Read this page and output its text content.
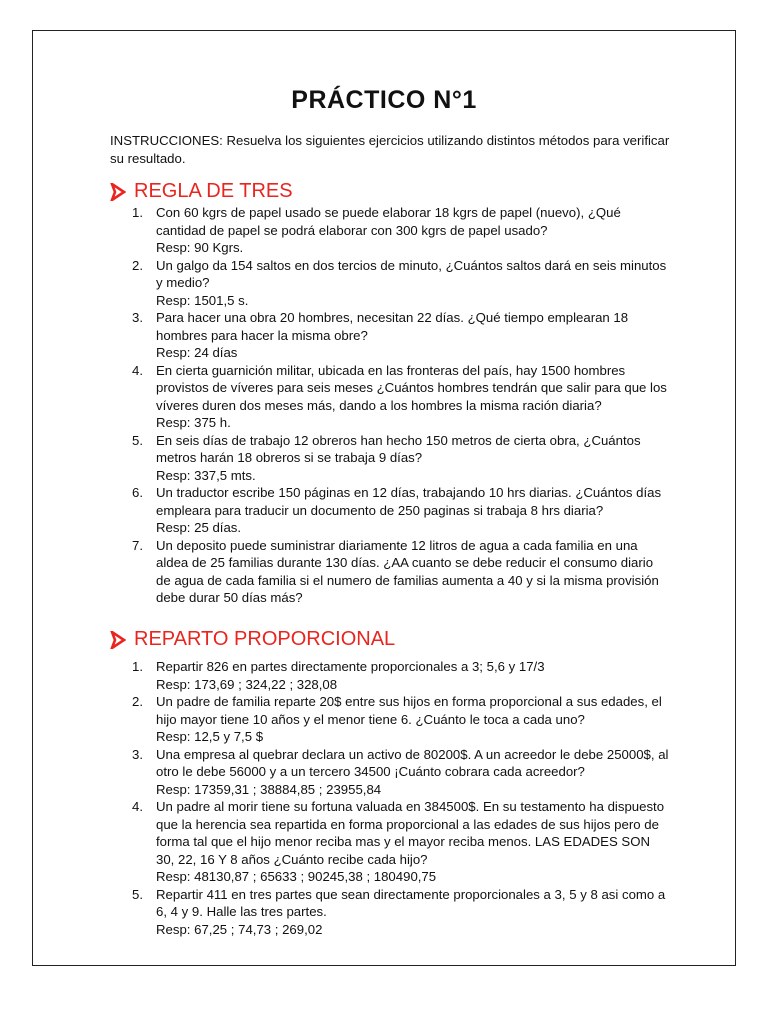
PRÁCTICO N°1
INSTRUCCIONES: Resuelva los siguientes ejercicios utilizando distintos métodos para verificar su resultado.
REGLA DE TRES
1. Con 60 kgrs de papel usado se puede elaborar 18 kgrs de papel (nuevo), ¿Qué cantidad de papel se podrá elaborar con 300 kgrs de papel usado?
Resp: 90 Kgrs.
2. Un galgo da 154 saltos en dos tercios de minuto, ¿Cuántos saltos dará en seis minutos y medio?
Resp: 1501,5 s.
3. Para hacer una obra 20 hombres, necesitan 22 días. ¿Qué tiempo emplearan 18 hombres para hacer la misma obre?
Resp: 24 días
4. En cierta guarnición militar, ubicada en las fronteras del país, hay 1500 hombres provistos de víveres para seis meses ¿Cuántos hombres tendrán que salir para que los víveres duren dos meses más, dando a los hombres la misma ración diaria?
Resp: 375 h.
5. En seis días de trabajo 12 obreros han hecho 150 metros de cierta obra, ¿Cuántos metros harán 18 obreros si se trabaja 9 días?
Resp: 337,5 mts.
6. Un traductor escribe 150 páginas en 12 días, trabajando 10 hrs diarias. ¿Cuántos días empleara para traducir un documento de 250 paginas si trabaja 8 hrs diaria?
Resp: 25 días.
7. Un deposito puede suministrar diariamente 12 litros de agua a cada familia en una aldea de 25 familias durante 130 días. ¿AA cuanto se debe reducir el consumo diario de agua de cada familia si el numero de familias aumenta a 40 y si la misma provisión debe durar 50 días más?
REPARTO PROPORCIONAL
1. Repartir 826 en partes directamente proporcionales a 3; 5,6 y 17/3
Resp: 173,69 ; 324,22 ; 328,08
2. Un padre de familia reparte 20$ entre sus hijos en forma proporcional a sus edades, el hijo mayor tiene 10 años y el menor tiene 6. ¿Cuánto le toca a cada uno?
Resp: 12,5 y 7,5 $
3. Una empresa al quebrar declara un activo de 80200$. A un acreedor le debe 25000$, al otro le debe 56000 y a un tercero 34500 ¡Cuánto cobrara cada acreedor?
Resp: 17359,31 ; 38884,85 ; 23955,84
4. Un padre al morir tiene su fortuna valuada en 384500$. En su testamento ha dispuesto que la herencia sea repartida en forma proporcional a las edades de sus hijos pero de forma tal que el hijo menor reciba mas y el mayor reciba menos. LAS EDADES SON 30, 22, 16 Y 8 años ¿Cuánto recibe cada hijo?
Resp: 48130,87 ; 65633 ; 90245,38 ; 180490,75
5. Repartir 411 en tres partes que sean directamente proporcionales a 3, 5 y 8 asi como a 6, 4 y 9. Halle las tres partes.
Resp: 67,25 ; 74,73 ; 269,02
